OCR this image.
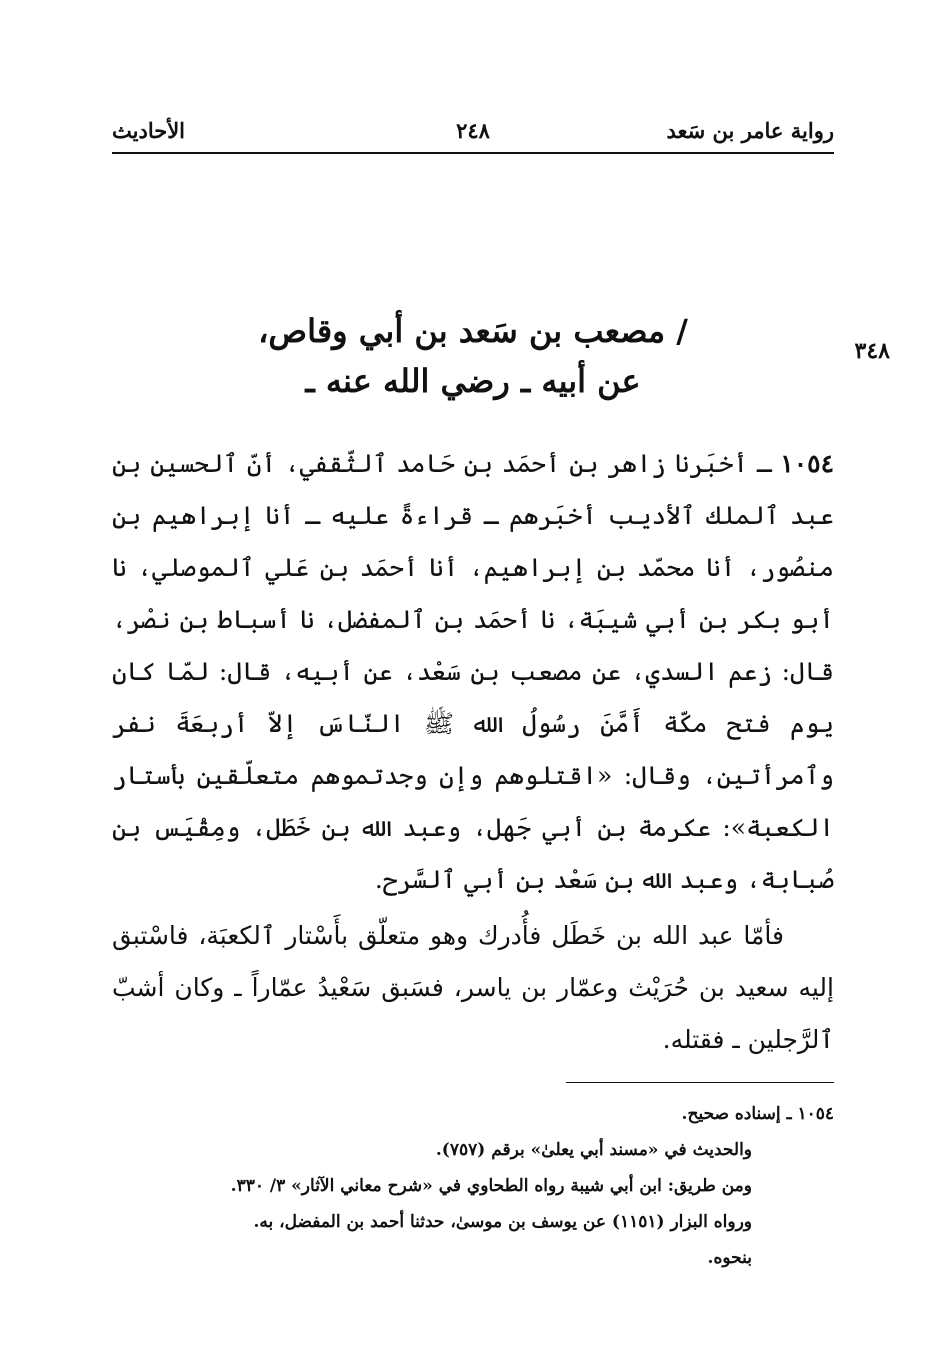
رواية عامر بن سَعد
٢٤٨
الأحاديث
٣٤٨
/ مصعب بن سَعد بن أبي وقاص،
عن أبيه ـ رضي الله عنه ـ
١٠٥٤ ـ أخبَرنا زاهر بن أحمَد بن حَامد ٱلثّقفي، أنّ ٱلحسين بن عبد ٱلملك ٱلأديب أخبَرهم ـ قراءةً عليه ـ أنا إبراهيم بن منصُور، أنا محمّد بن إبراهيم، أنا أحمَد بن عَلي ٱلموصلي، نا أبو بكر بن أبي شيبَة، نا أحمَد بن ٱلمفضل، نا أسباط بن نصْر، قال: زعم السدي، عن مصعب بن سَعْد، عن أبيه، قال: لمّا كان يوم فتح مكّة أَمَّنَ رسُولُ الله ﷺ النّاسَ إلاّ أربعَةَ نفر وٱمرأتين، وقال: «اقتلوهم وإن وجدتموهم متعلّقين بأستار الكعبة»: عكرمة بن أبي جَهل، وعبد الله بن خَطَل، ومِقْيَس بن صُبابة، وعبد الله بن سَعْد بن أبي ٱلسَّرح.
فأمّا عبد الله بن خَطَل فأُدرك وهو متعلّق بأَسْتار ٱلكعبَة، فاسْتبق إليه سعيد بن حُرَيْث وعمّار بن ياسر، فسَبق سَعْيدُ عمّاراً ـ وكان أشبّ ٱلرَّجلين ـ فقتله.
١٠٥٤ ـ إسناده صحيح.
والحديث في «مسند أبي يعلىٰ» برقم (٧٥٧).
ومن طريق: ابن أبي شيبة رواه الطحاوي في «شرح معاني الآثار» ٣/ ٣٣٠.
ورواه البزار (١١٥١) عن يوسف بن موسىٰ، حدثنا أحمد بن المفضل، به.
بنحوه.
